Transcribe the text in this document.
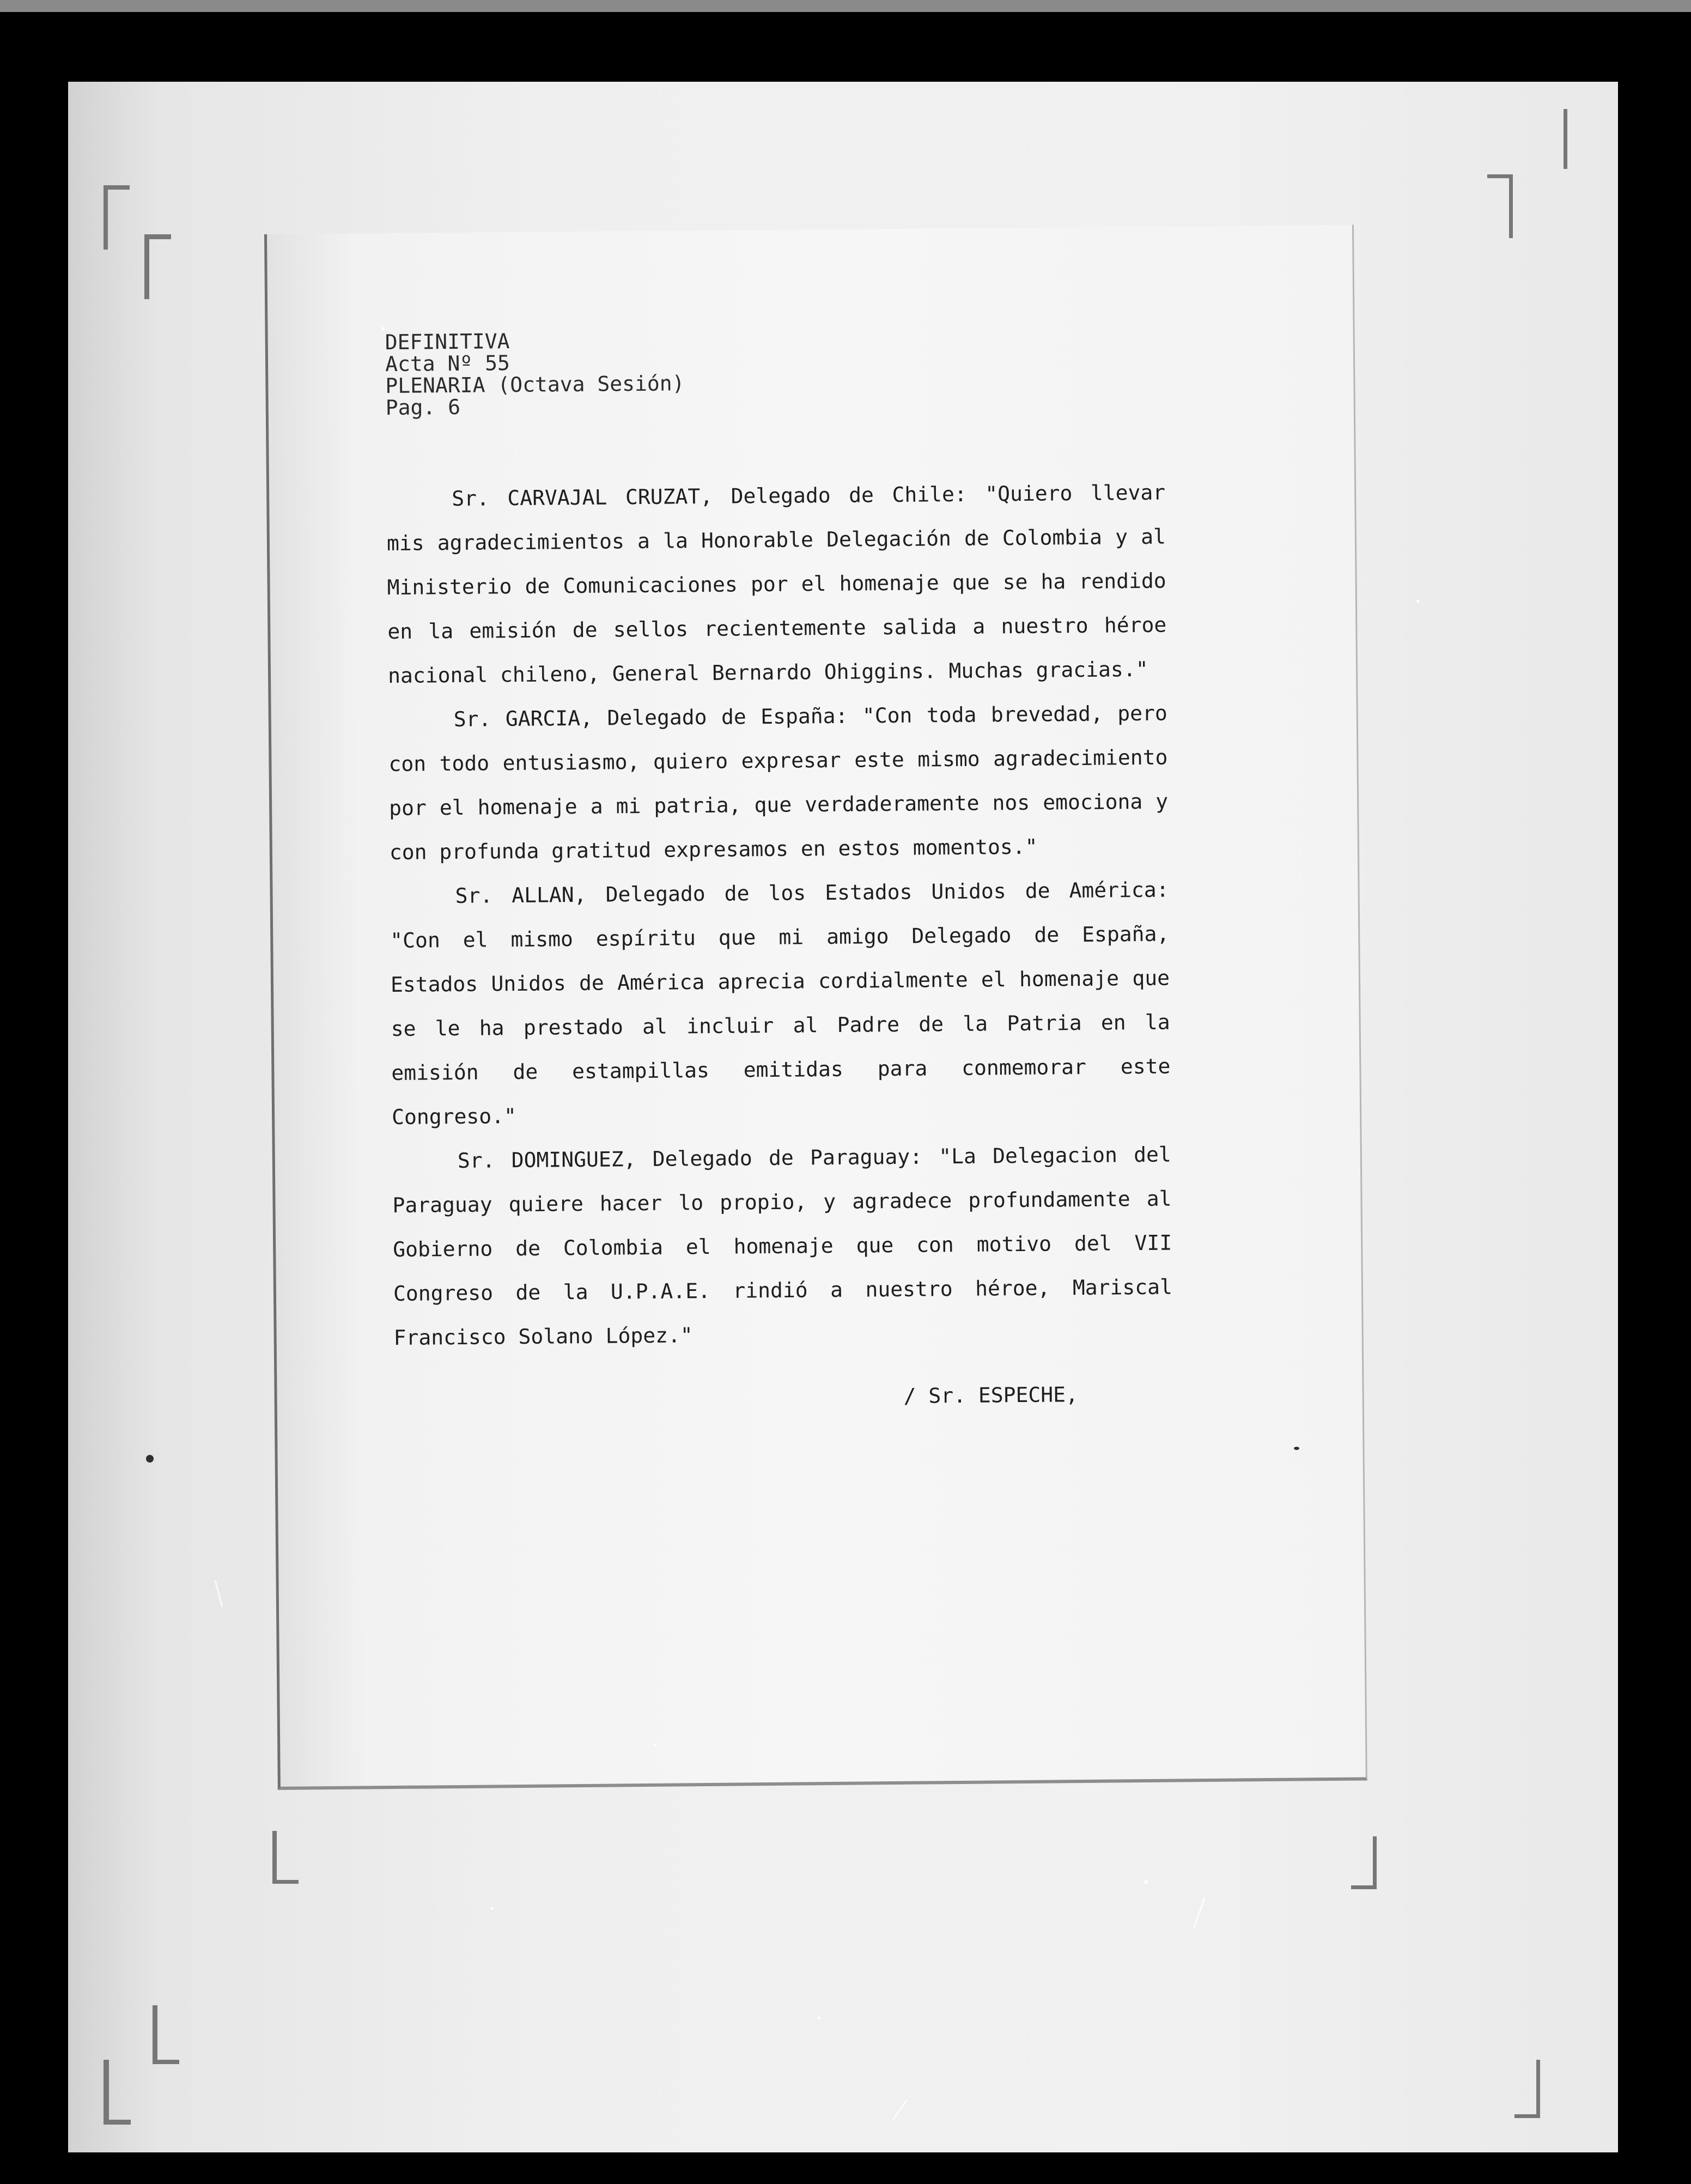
DEFINITIVA
Acta Nº 55
PLENARIA (Octava Sesión)
Pag. 6

Sr. CARVAJAL CRUZAT, Delegado de Chile: "Quiero llevar mis agradecimientos a la Honorable Delegación de Colombia y al Ministerio de Comunicaciones por el homenaje que se ha rendido en la emisión de sellos recientemente salida a nuestro héroe nacional chileno, General Bernardo Ohiggins. Muchas gracias."

Sr. GARCIA, Delegado de España: "Con toda brevedad, pero con todo entusiasmo, quiero expresar este mismo agradecimiento por el homenaje a mi patria, que verdaderamente nos emociona y con profunda gratitud expresamos en estos momentos."

Sr. ALLAN, Delegado de los Estados Unidos de América: "Con el mismo espíritu que mi amigo Delegado de España, Estados Unidos de América aprecia cordialmente el homenaje que se le ha prestado al incluir al Padre de la Patria en la emisión de estampillas emitidas para conmemorar este Congreso."

Sr. DOMINGUEZ, Delegado de Paraguay: "La Delegacion del Paraguay quiere hacer lo propio, y agradece profundamente al Gobierno de Colombia el homenaje que con motivo del VII Congreso de la U.P.A.E. rindió a nuestro héroe, Mariscal Francisco Solano López."

/ Sr. ESPECHE,
